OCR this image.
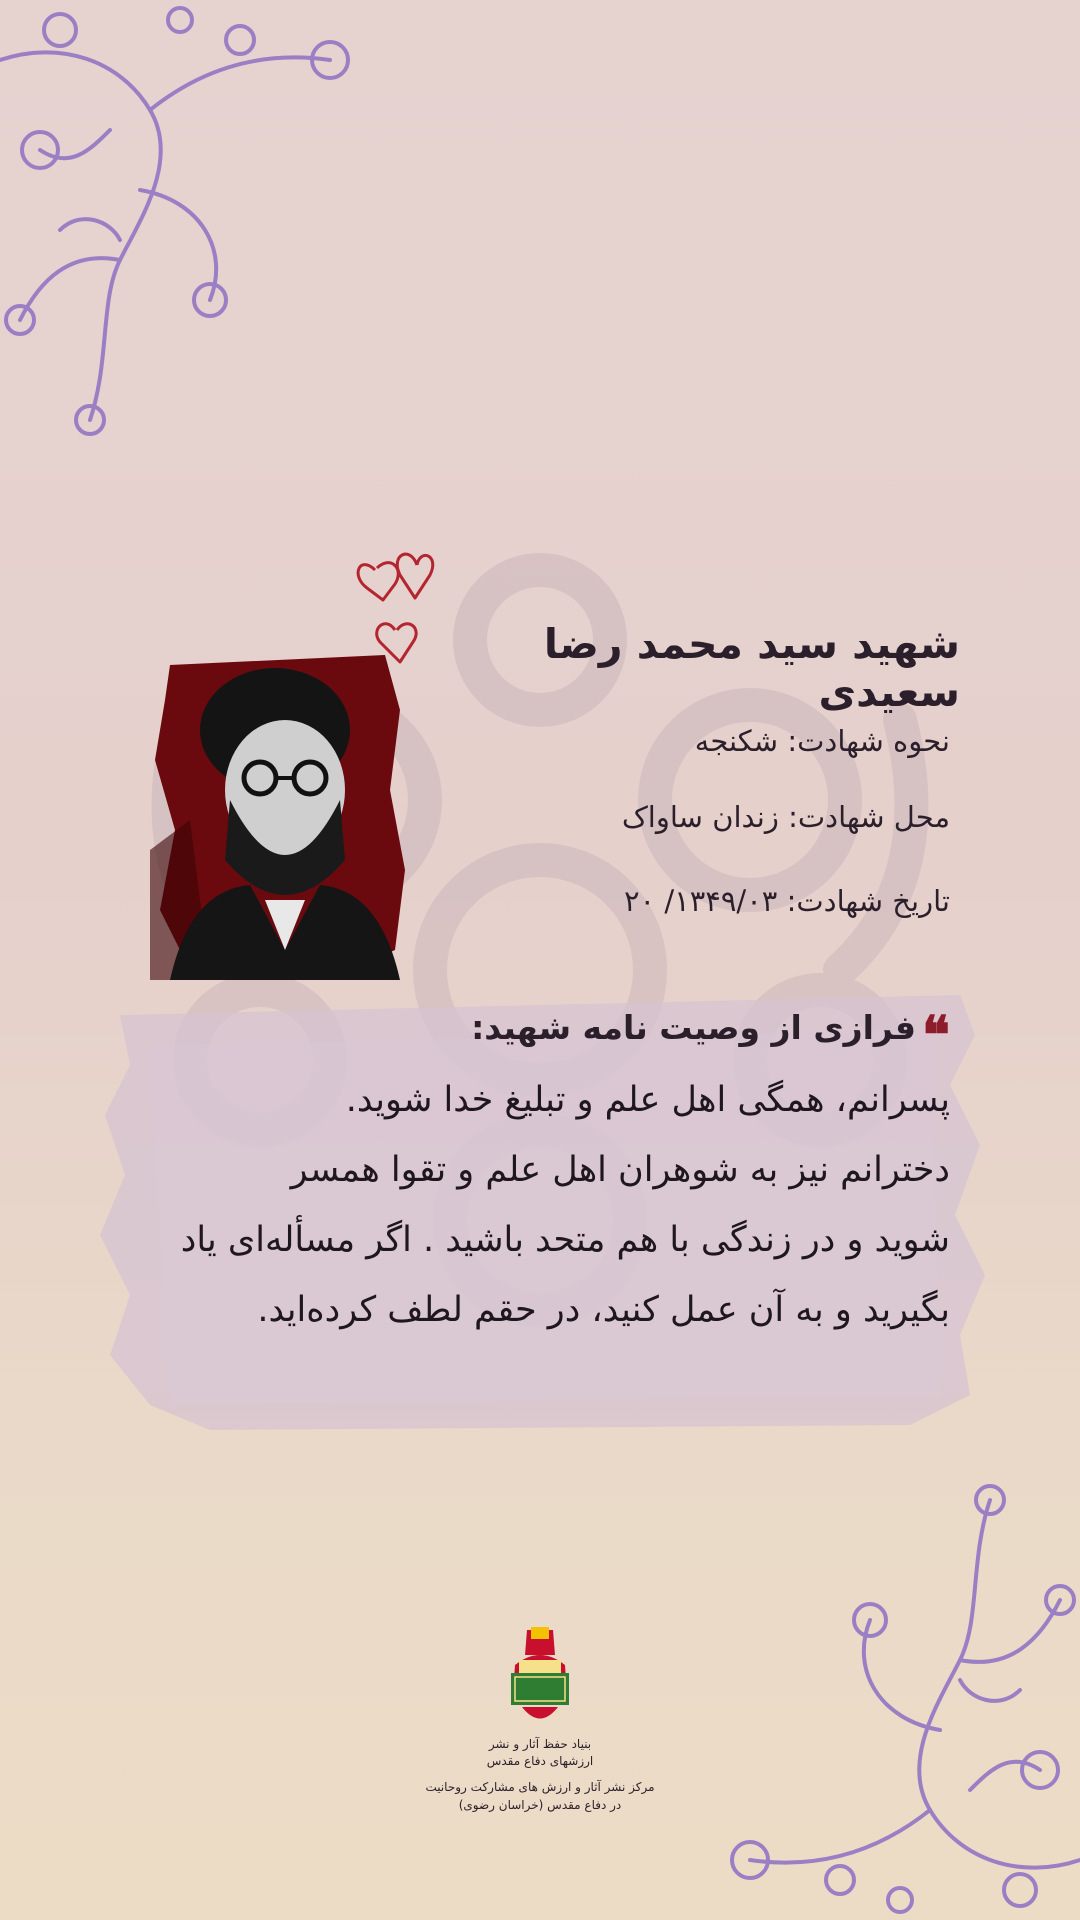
شهید سید محمد رضا سعیدی
نحوه شهادت: شکنجه
محل شهادت: زندان ساواک
تاریخ شهادت: ۱۳۴۹/۰۳/ ۲۰
❝فرازی از وصیت نامه شهید:
پسرانم، همگی اهل علم و تبلیغ خدا شوید.
دخترانم نیز به شوهران اهل علم و تقوا همسر
شوید و در زندگی با هم متحد باشید . اگر مسأله‌ای یاد
بگیرید و به آن عمل کنید، در حقم لطف کرده‌اید.
بنیاد حفظ آثار و نشر
ارزشهای دفاع مقدس
مرکز نشر آثار و ارزش های مشارکت روحانیت
در دفاع مقدس (خراسان رضوی)
